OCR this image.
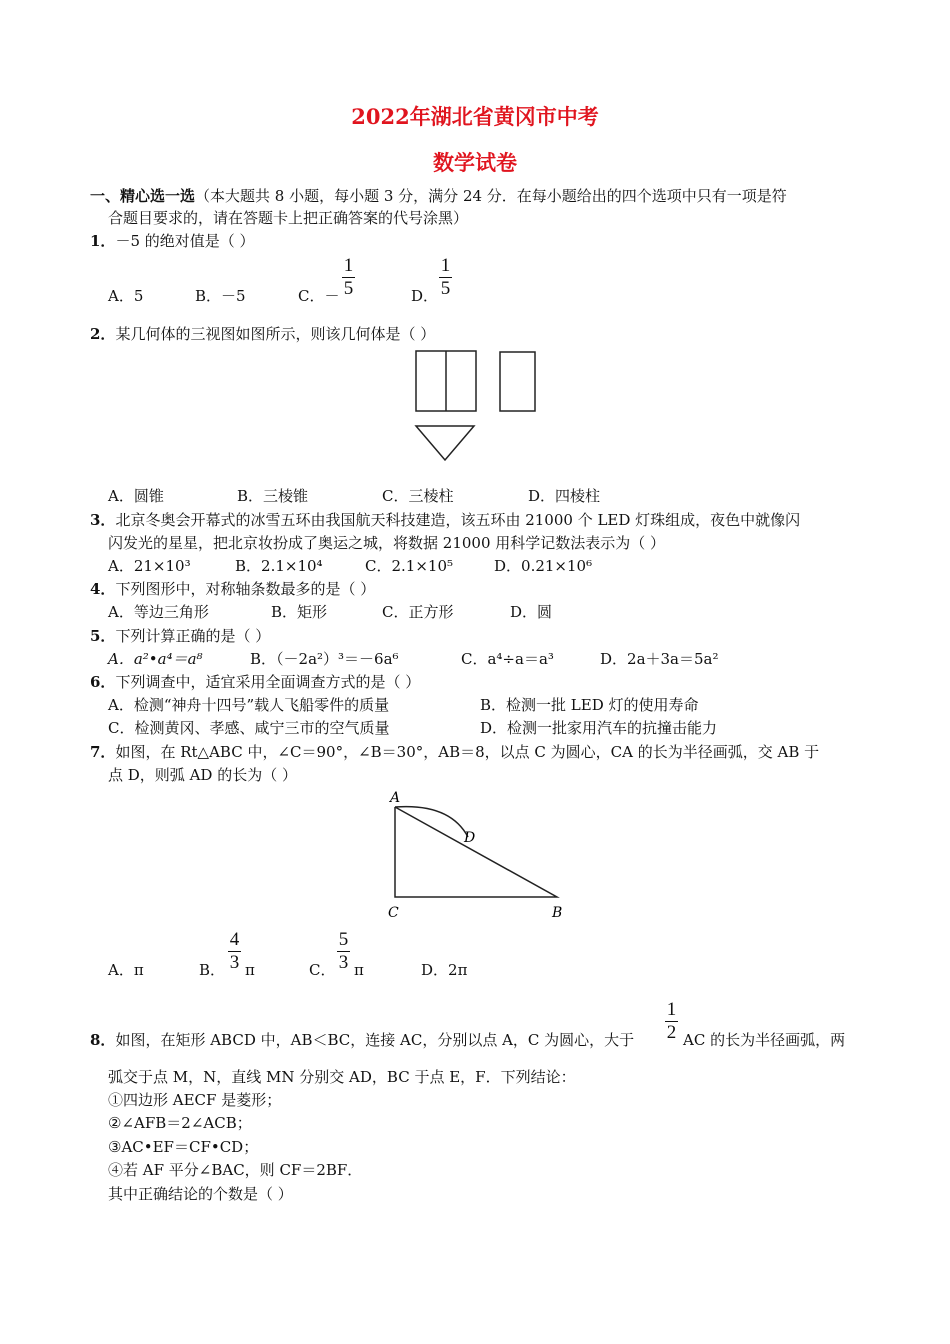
2022年湖北省黄冈市中考
数学试卷
一、精心选一选（本大题共 8 小题，每小题 3 分，满分 24 分．在每小题给出的四个选项中只有一项是符
合题目要求的，请在答题卡上把正确答案的代号涂黑）
1．－5 的绝对值是（ ）
A．5	B．－5	C．－
1
5	D．
1
5
2．某几何体的三视图如图所示，则该几何体是（ ）
A．圆锥	B．三棱锥	C．三棱柱	D．四棱柱
3．北京冬奥会开幕式的冰雪五环由我国航天科技建造，该五环由 21000 个 LED 灯珠组成，夜色中就像闪
闪发光的星星，把北京妆扮成了奥运之城，将数据 21000 用科学记数法表示为（ ）
A．21×10³	B．2.1×10⁴	C．2.1×10⁵	D．0.21×10⁶
4．下列图形中，对称轴条数最多的是（ ）
A．等边三角形	B．矩形	C．正方形	D．圆
5．下列计算正确的是（ ）
A．a²•a⁴＝a⁸	B．（－2a²）³＝－6a⁶	C．a⁴÷a＝a³	D．2a＋3a＝5a²
6．下列调查中，适宜采用全面调查方式的是（ ）
A．检测“神舟十四号”载人飞船零件的质量	B．检测一批 LED 灯的使用寿命
C．检测黄冈、孝感、咸宁三市的空气质量	D．检测一批家用汽车的抗撞击能力
7．如图，在 Rt△ABC 中，∠C＝90°，∠B＝30°，AB＝8，以点 C 为圆心，CA 的长为半径画弧，交 AB 于
点 D，则弧 AD 的长为（ ）
A
D
C	B
A．π	B．
4
3 π	C．
5
3 π	D．2π
8．如图，在矩形 ABCD 中，AB＜BC，连接 AC，分别以点 A，C 为圆心，大于
1
2 AC 的长为半径画弧，两
弧交于点 M，N，直线 MN 分别交 AD，BC 于点 E，F．下列结论：
①四边形 AECF 是菱形；
②∠AFB＝2∠ACB；
③AC•EF＝CF•CD；
④若 AF 平分∠BAC，则 CF＝2BF．
其中正确结论的个数是（ ）
